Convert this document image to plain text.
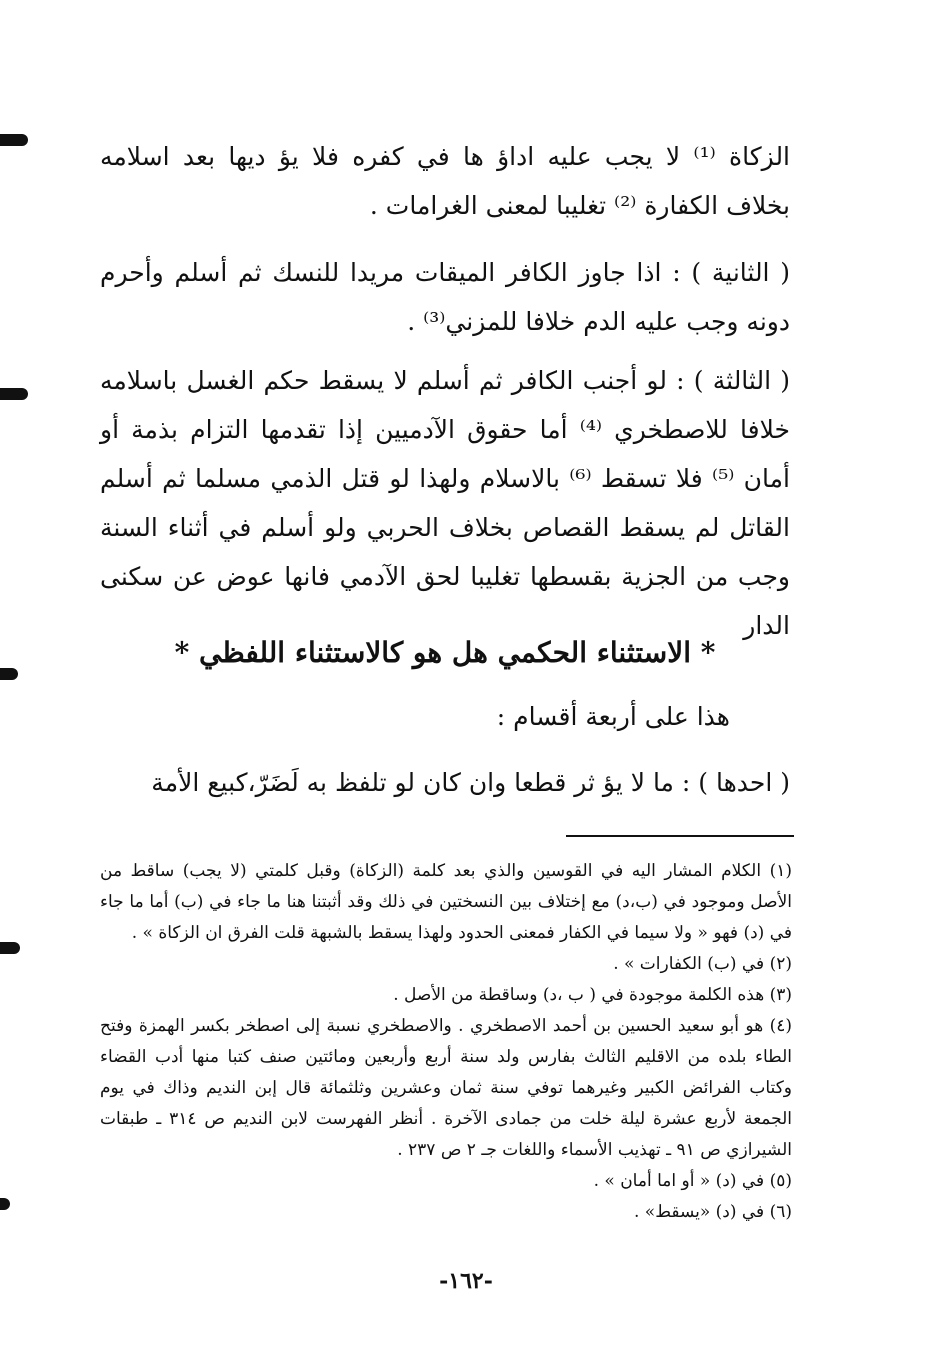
الزكاة ⁽¹⁾ لا يجب عليه اداؤ ها في كفره فلا يؤ ديها بعد اسلامه بخلاف الكفارة ⁽²⁾ تغليبا لمعنى الغرامات .

( الثانية ) : اذا جاوز الكافر الميقات مريدا للنسك ثم أسلم وأحرم دونه وجب عليه الدم خلافا للمزني⁽³⁾ .

( الثالثة ) : لو أجنب الكافر ثم أسلم لا يسقط حكم الغسل باسلامه خلافا للاصطخري ⁽⁴⁾ أما حقوق الآدميين إذا تقدمها التزام بذمة أو أمان ⁽⁵⁾ فلا تسقط ⁽⁶⁾ بالاسلام ولهذا لو قتل الذمي مسلما ثم أسلم القاتل لم يسقط القصاص بخلاف الحربي ولو أسلم في أثناء السنة وجب من الجزية بقسطها تغليبا لحق الآدمي فانها عوض عن سكنى الدار

* الاستثناء الحكمي هل هو كالاستثناء اللفظي *
هذا على أربعة أقسام :
( احدها ) : ما لا يؤ ثر قطعا وان كان لو تلفظ به لَضَرّ،كبيع الأمة

(١) الكلام المشار اليه في القوسين والذي بعد كلمة (الزكاة) وقبل كلمتي (لا يجب) ساقط من الأصل وموجود في (ب،د) مع إختلاف بين النسختين في ذلك وقد أثبتنا هنا ما جاء في (ب) أما ما جاء في (د) فهو « ولا سيما في الكفار فمعنى الحدود ولهذا يسقط بالشبهة قلت الفرق ان الزكاة » .

(٢) في (ب) الكفارات » .

(٣) هذه الكلمة موجودة في ( ب ،د) وساقطة من الأصل .

(٤) هو أبو سعيد الحسين بن أحمد الاصطخري . والاصطخري نسبة إلى اصطخر بكسر الهمزة وفتح الطاء بلده من الاقليم الثالث بفارس ولد سنة أربع وأربعين ومائتين صنف كتبا منها أدب القضاء وكتاب الفرائض الكبير وغيرهما توفي سنة ثمان وعشرين وثلثمائة قال إبن النديم وذاك في يوم الجمعة لأربع عشرة ليلة خلت من جمادى الآخرة . أنظر الفهرست لابن النديم ص ٣١٤ ـ طبقات الشيرازي ص ٩١ ـ تهذيب الأسماء واللغات جـ ٢ ص ٢٣٧ .

(٥) في (د) « أو اما أمان » .

(٦) في (د) «يسقط» .

-١٦٢-
